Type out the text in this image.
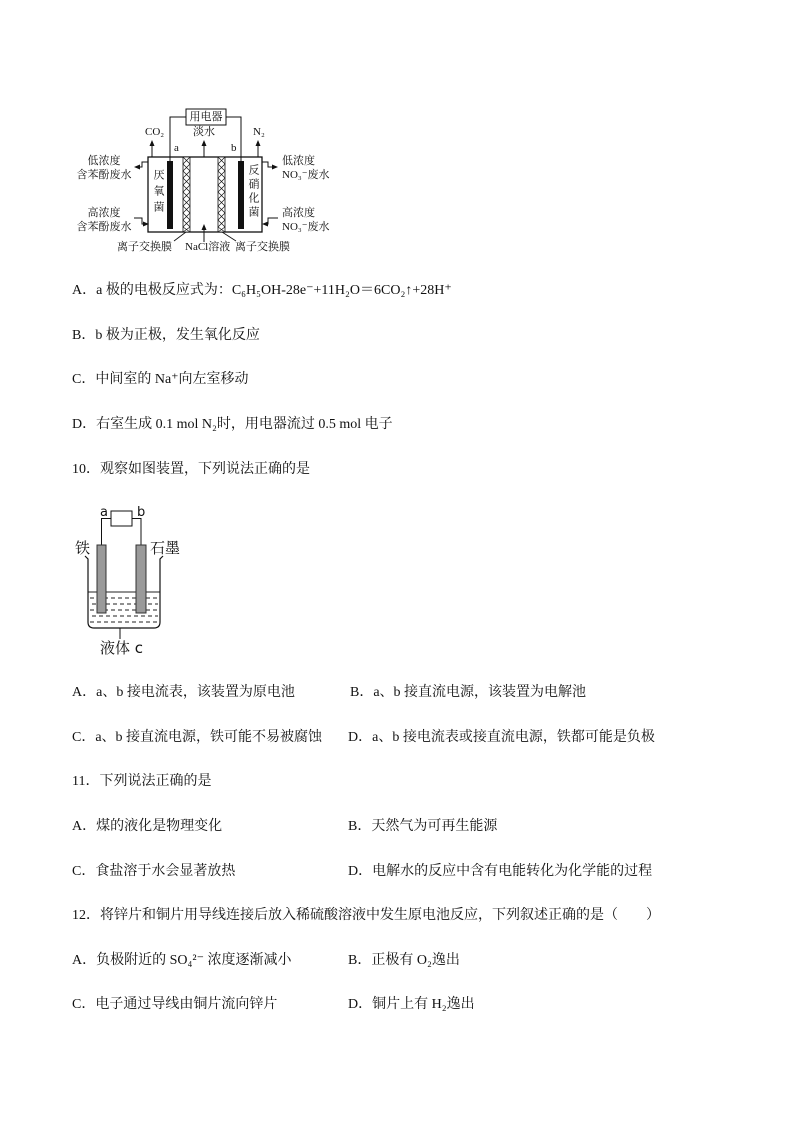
用电器
CO₂
a
淡水
b
N₂
低浓度
含苯酚废水
高浓度
含苯酚废水
低浓度
NO₃⁻废水
高浓度
NO₃⁻废水
厌氧菌	反硝化菌
离子交换膜 NaCl溶液 离子交换膜
A．a 极的电极反应式为：C₆H₅OH-28e⁻+11H₂O＝6CO₂↑+28H⁺
B．b 极为正极，发生氧化反应
C．中间室的 Na⁺向左室移动
D．右室生成 0.1 mol N₂时，用电器流过 0.5 mol 电子
10．观察如图装置，下列说法正确的是
a b
铁	石墨
液体 c
A．a、b 接电流表，该装置为原电池	B．a、b 接直流电源，该装置为电解池
C．a、b 接直流电源，铁可能不易被腐蚀 D．a、b 接电流表或接直流电源，铁都可能是负极
11．下列说法正确的是
A．煤的液化是物理变化	B．天然气为可再生能源
C．食盐溶于水会显著放热	D．电解水的反应中含有电能转化为化学能的过程
12．将锌片和铜片用导线连接后放入稀硫酸溶液中发生原电池反应，下列叙述正确的是（　　）
A．负极附近的 SO₄²⁻ 浓度逐渐减小	B．正极有 O₂逸出
C．电子通过导线由铜片流向锌片	D．铜片上有 H₂逸出
